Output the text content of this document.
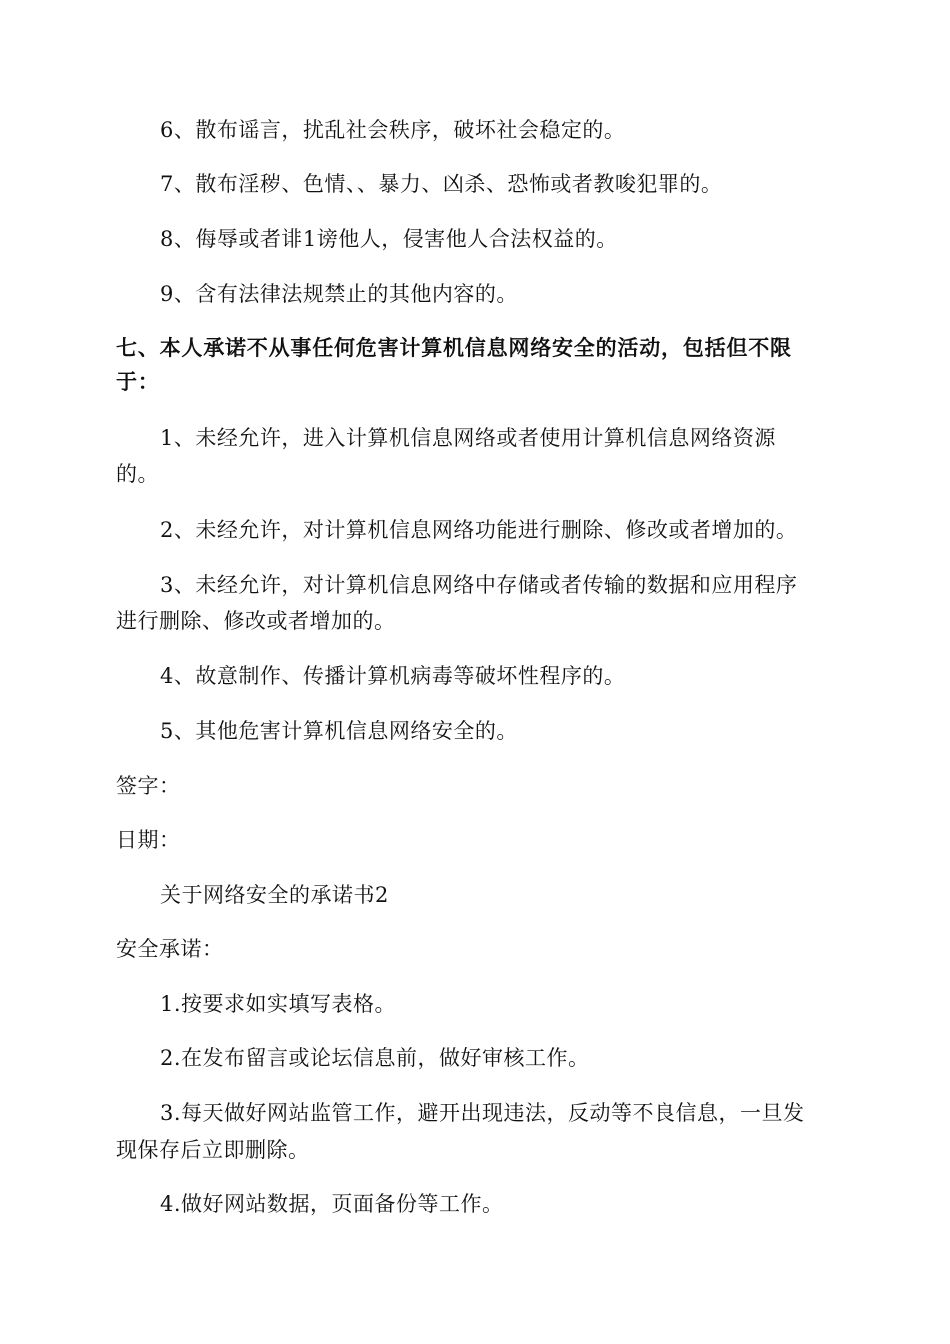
6、散布谣言，扰乱社会秩序，破坏社会稳定的。
7、散布淫秽、色情、、暴力、凶杀、恐怖或者教唆犯罪的。
8、侮辱或者诽1谤他人，侵害他人合法权益的。
9、含有法律法规禁止的其他内容的。
七、本人承诺不从事任何危害计算机信息网络安全的活动，包括但不限
于：
1、未经允许，进入计算机信息网络或者使用计算机信息网络资源
的。
2、未经允许，对计算机信息网络功能进行删除、修改或者增加的。
3、未经允许，对计算机信息网络中存储或者传输的数据和应用程序
进行删除、修改或者增加的。
4、故意制作、传播计算机病毒等破坏性程序的。
5、其他危害计算机信息网络安全的。
签字：
日期：
关于网络安全的承诺书2
安全承诺：
1.按要求如实填写表格。
2.在发布留言或论坛信息前，做好审核工作。
3.每天做好网站监管工作，避开出现违法，反动等不良信息，一旦发
现保存后立即删除。
4.做好网站数据，页面备份等工作。
